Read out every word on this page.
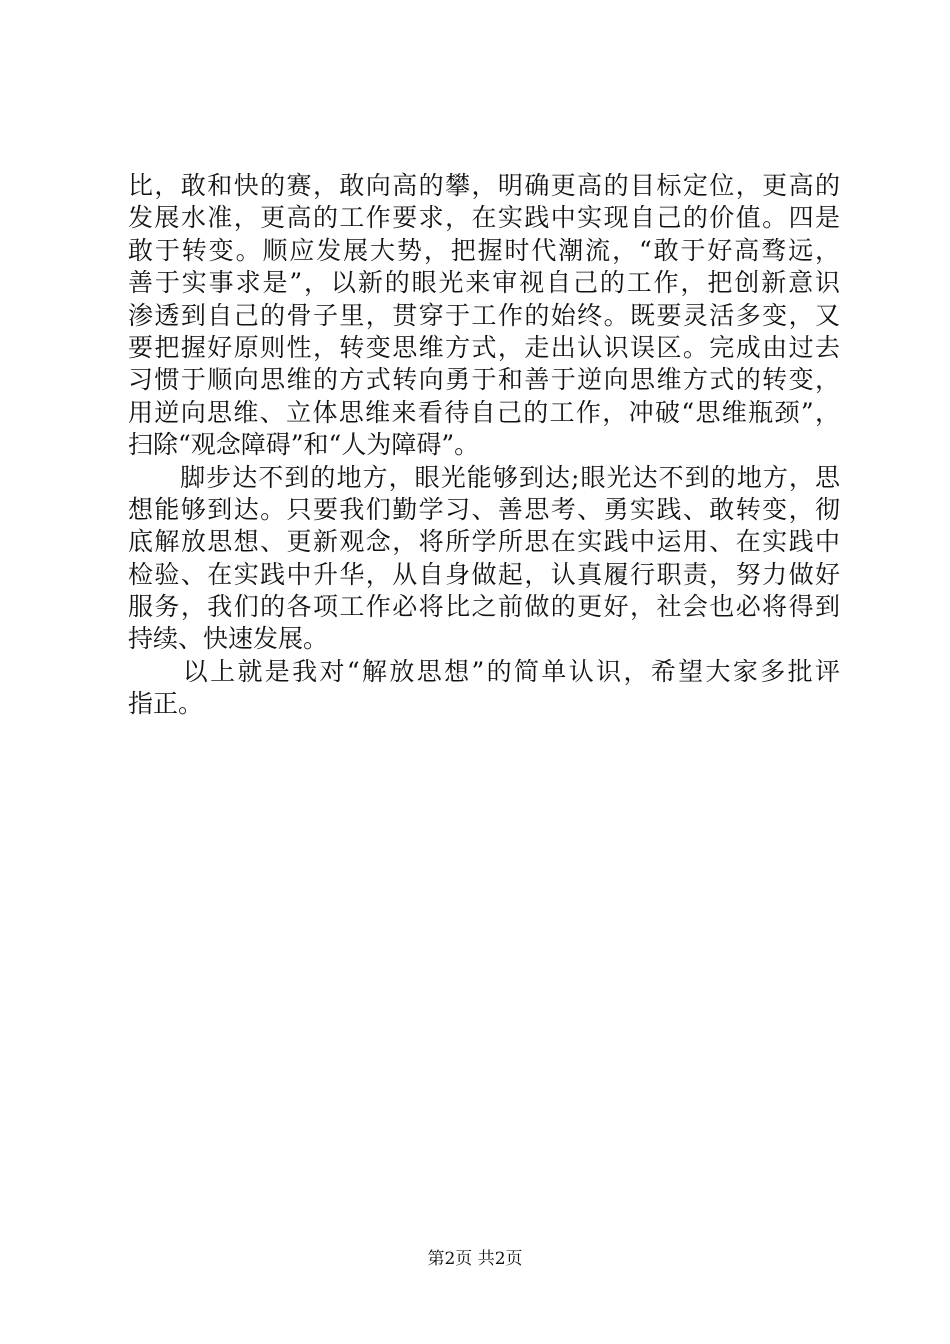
比，敢和快的赛，敢向高的攀，明确更高的目标定位，更高的
发展水准，更高的工作要求，在实践中实现自己的价值。四是
敢于转变。顺应发展大势，把握时代潮流，“敢于好高骛远，
善于实事求是”，以新的眼光来审视自己的工作，把创新意识
渗透到自己的骨子里，贯穿于工作的始终。既要灵活多变，又
要把握好原则性，转变思维方式，走出认识误区。完成由过去
习惯于顺向思维的方式转向勇于和善于逆向思维方式的转变，
用逆向思维、立体思维来看待自己的工作，冲破“思维瓶颈”，
扫除“观念障碍”和“人为障碍”。
　　脚步达不到的地方，眼光能够到达;眼光达不到的地方，思
想能够到达。只要我们勤学习、善思考、勇实践、敢转变，彻
底解放思想、更新观念，将所学所思在实践中运用、在实践中
检验、在实践中升华，从自身做起，认真履行职责，努力做好
服务，我们的各项工作必将比之前做的更好，社会也必将得到
持续、快速发展。
　　以上就是我对“解放思想”的简单认识，希望大家多批评
指正。
第2页 共2页
